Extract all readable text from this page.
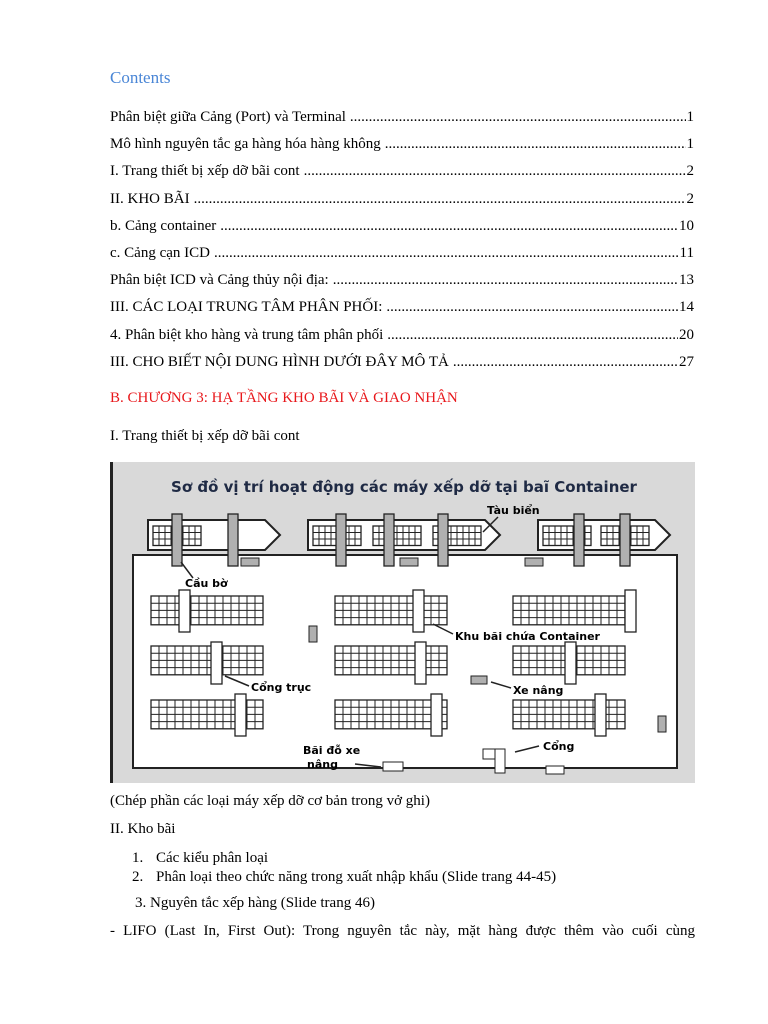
Contents
Phân biệt giữa Cảng (Port) và Terminal .....	1
Mô hình nguyên tắc ga hàng hóa hàng không .....	1
I. Trang thiết bị xếp dỡ bãi cont .....	2
II. KHO BÃI .....	2
b. Cảng container .....	10
c. Cảng cạn ICD .....	11
Phân biệt ICD và Cảng thủy nội địa: .....	13
III. CÁC LOẠI TRUNG TÂM PHÂN PHỐI: .....	14
4. Phân biệt kho hàng và trung tâm phân phối .....	20
III. CHO BIẾT NỘI DUNG HÌNH DƯỚI ĐÂY MÔ TẢ .....	27
B. CHƯƠNG 3: HẠ TẦNG KHO BÃI VÀ GIAO NHẬN
I. Trang thiết bị xếp dỡ bãi cont
Sơ đồ vị trí hoạt động các máy xếp dỡ tại baĩ Container
Tàu biển
Cầu bờ
Khu bãi chứa Container
Cổng trục	Xe nâng
Bãi đỗ xe
nâng
Cổng
(Chép phần các loại máy xếp dỡ cơ bản trong vở ghi)
II. Kho bãi
1. Các kiểu phân loại
2. Phân loại theo chức năng trong xuất nhập khẩu (Slide trang 44-45)
3. Nguyên tắc xếp hàng (Slide trang 46)
- LIFO (Last In, First Out): Trong nguyên tắc này, mặt hàng được thêm vào cuối cùng
